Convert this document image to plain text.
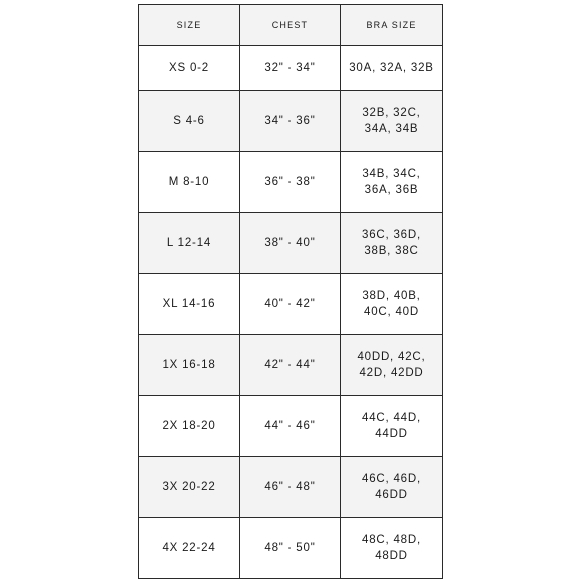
SIZE	CHEST	BRA SIZE
XS 0-2	32" - 34"	30A, 32A, 32B
S 4-6	34" - 36"	32B, 32C, 34A, 34B
M 8-10	36" - 38"	34B, 34C, 36A, 36B
L 12-14	38" - 40"	36C, 36D, 38B, 38C
XL 14-16	40" - 42"	38D, 40B, 40C, 40D
1X 16-18	42" - 44"	40DD, 42C, 42D, 42DD
2X 18-20	44" - 46"	44C, 44D, 44DD
3X 20-22	46" - 48"	46C, 46D, 46DD
4X 22-24	48" - 50"	48C, 48D, 48DD
